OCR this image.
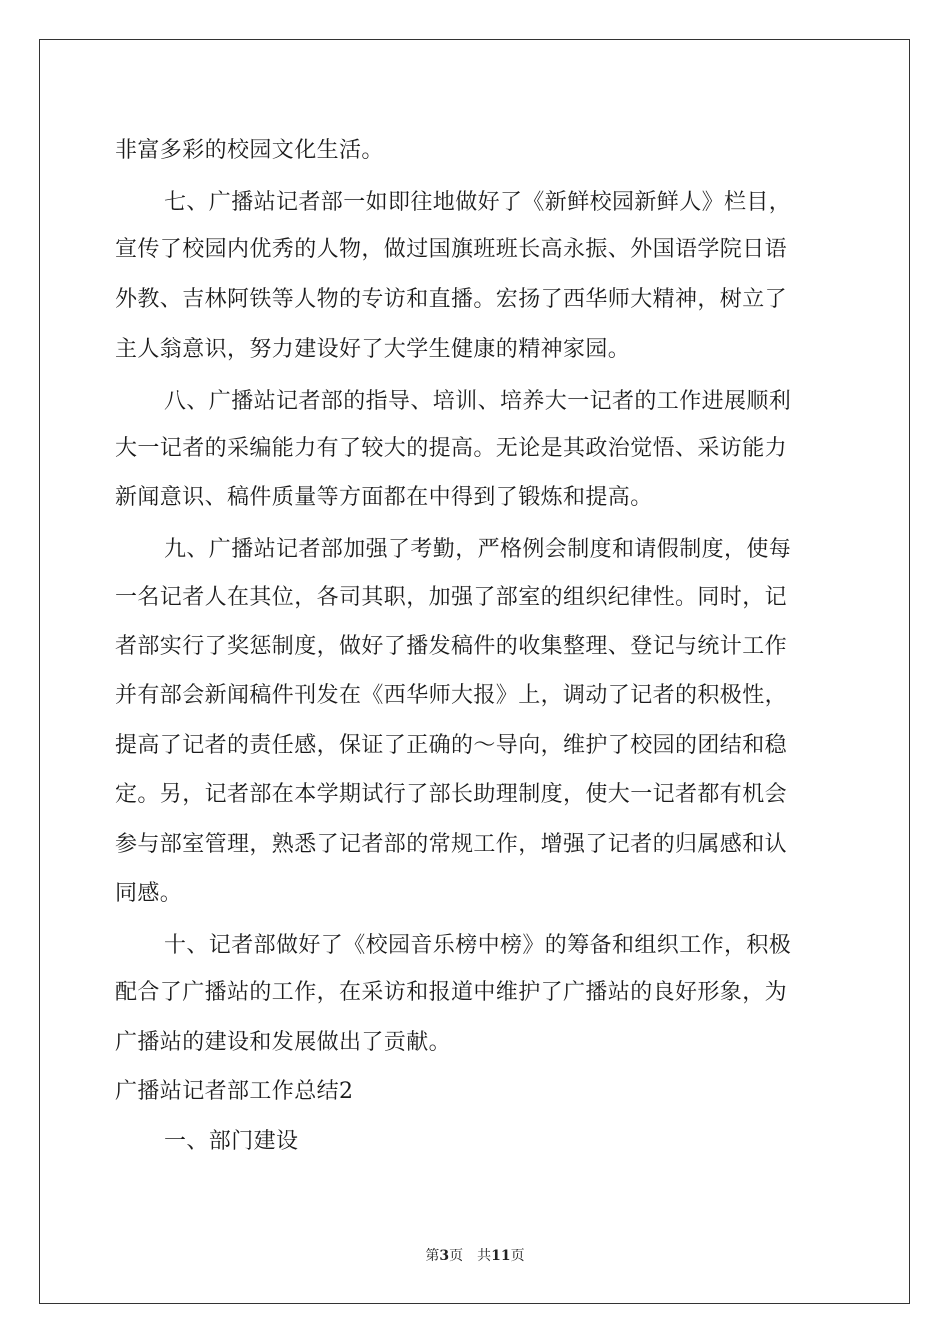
非富多彩的校园文化生活。
七、广播站记者部一如即往地做好了《新鲜校园新鲜人》栏目，
宣传了校园内优秀的人物，做过国旗班班长高永振、外国语学院日语
外教、吉林阿铁等人物的专访和直播。宏扬了西华师大精神，树立了
主人翁意识，努力建设好了大学生健康的精神家园。
八、广播站记者部的指导、培训、培养大一记者的工作进展顺利
大一记者的采编能力有了较大的提高。无论是其政治觉悟、采访能力
新闻意识、稿件质量等方面都在中得到了锻炼和提高。
九、广播站记者部加强了考勤，严格例会制度和请假制度，使每
一名记者人在其位，各司其职，加强了部室的组织纪律性。同时，记
者部实行了奖惩制度，做好了播发稿件的收集整理、登记与统计工作
并有部会新闻稿件刊发在《西华师大报》上，调动了记者的积极性，
提高了记者的责任感，保证了正确的～导向，维护了校园的团结和稳
定。另，记者部在本学期试行了部长助理制度，使大一记者都有机会
参与部室管理，熟悉了记者部的常规工作，增强了记者的归属感和认
同感。
十、记者部做好了《校园音乐榜中榜》的筹备和组织工作，积极
配合了广播站的工作，在采访和报道中维护了广播站的良好形象，为
广播站的建设和发展做出了贡献。
广播站记者部工作总结2
一、部门建设
第3页 共11页
